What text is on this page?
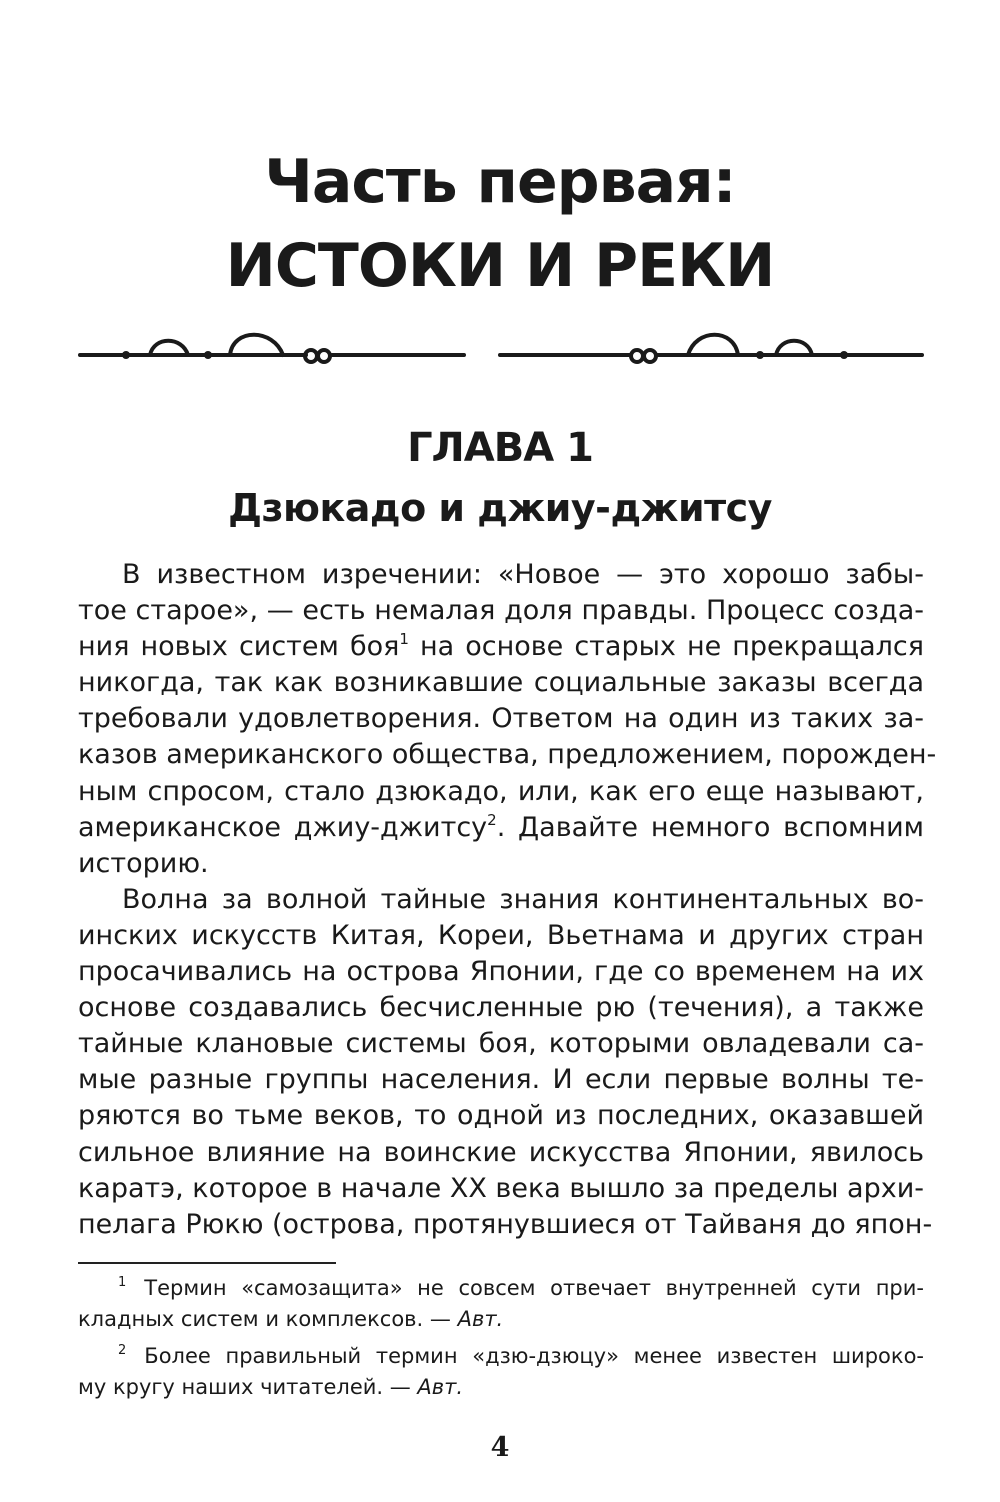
Часть первая:
ИСТОКИ И РЕКИ
ГЛАВА 1
Дзюкадо и джиу-джитсу
В известном изречении: «Новое — это хорошо забы-
тое старое», — есть немалая доля правды. Процесс созда-
ния новых систем боя$^1$ на основе старых не прекращался
никогда, так как возникавшие социальные заказы всегда
требовали удовлетворения. Ответом на один из таких за-
казов американского общества, предложением, порожден-
ным спросом, стало дзюкадо, или, как его еще называют,
американское джиу-джитсу$^2$. Давайте немного вспомним
историю.
Волна за волной тайные знания континентальных во-
инских искусств Китая, Кореи, Вьетнама и других стран
просачивались на острова Японии, где со временем на их
основе создавались бесчисленные рю (течения), а также
тайные клановые системы боя, которыми овладевали са-
мые разные группы населения. И если первые волны те-
ряются во тьме веков, то одной из последних, оказавшей
сильное влияние на воинские искусства Японии, явилось
каратэ, которое в начале XX века вышло за пределы архи-
пелага Рюкю (острова, протянувшиеся от Тайваня до япон-
1 Термин «самозащита» не совсем отвечает внутренней сути при-
кладных систем и комплексов. — Авт.
2 Более правильный термин «дзю-дзюцу» менее известен широко-
му кругу наших читателей. — Авт.
4
